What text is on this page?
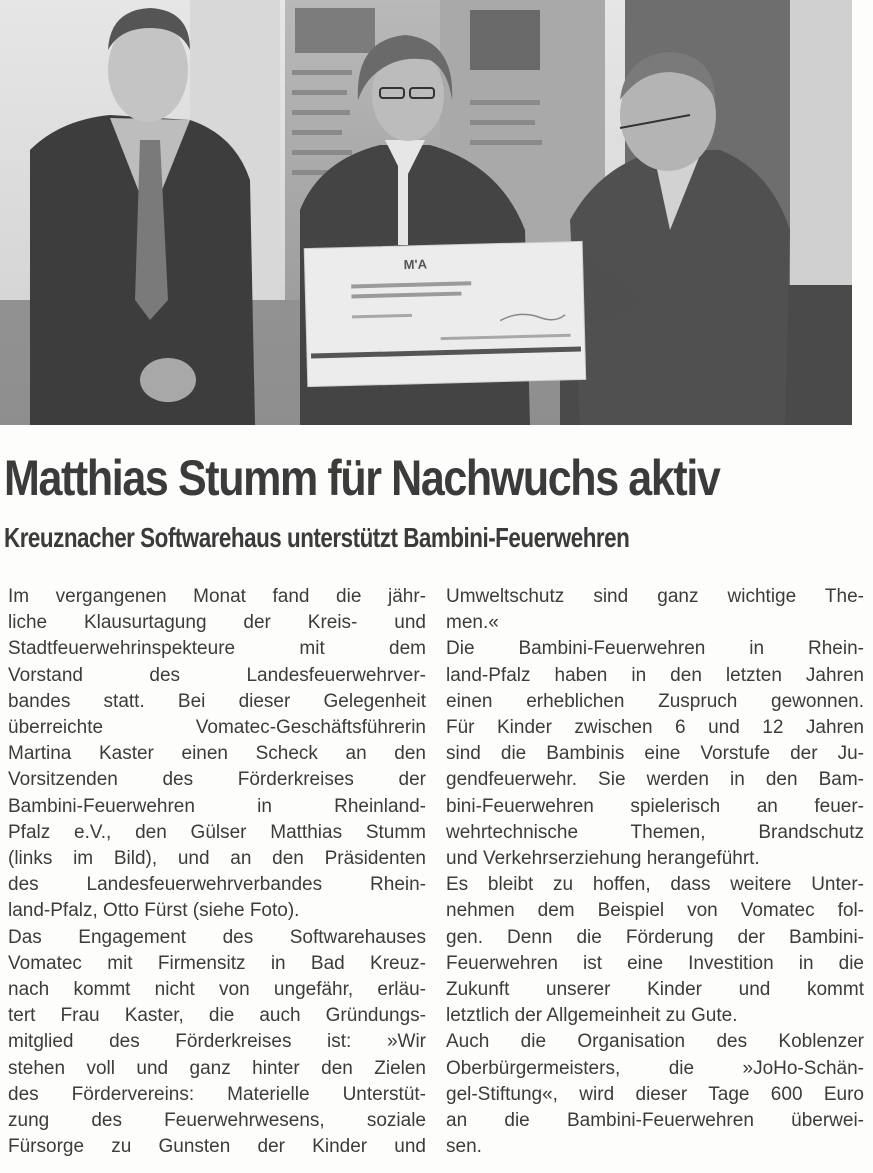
M'A
Matthias Stumm für Nachwuchs aktiv
Kreuznacher Softwarehaus unterstützt Bambini-Feuerwehren
Im vergangenen Monat fand die jähr-
liche Klausurtagung der Kreis- und
Stadtfeuerwehrinspekteure mit dem
Vorstand des Landesfeuerwehrver-
bandes statt. Bei dieser Gelegenheit
überreichte Vomatec-Geschäftsführerin
Martina Kaster einen Scheck an den
Vorsitzenden des Förderkreises der
Bambini-Feuerwehren in Rheinland-
Pfalz e.V., den Gülser Matthias Stumm
(links im Bild), und an den Präsidenten
des Landesfeuerwehrverbandes Rhein-
land-Pfalz, Otto Fürst (siehe Foto).
Das Engagement des Softwarehauses
Vomatec mit Firmensitz in Bad Kreuz-
nach kommt nicht von ungefähr, erläu-
tert Frau Kaster, die auch Gründungs-
mitglied des Förderkreises ist: »Wir
stehen voll und ganz hinter den Zielen
des Fördervereins: Materielle Unterstüt-
zung des Feuerwehrwesens, soziale
Fürsorge zu Gunsten der Kinder und
Umweltschutz sind ganz wichtige The-
men.«
Die Bambini-Feuerwehren in Rhein-
land-Pfalz haben in den letzten Jahren
einen erheblichen Zuspruch gewonnen.
Für Kinder zwischen 6 und 12 Jahren
sind die Bambinis eine Vorstufe der Ju-
gendfeuerwehr. Sie werden in den Bam-
bini-Feuerwehren spielerisch an feuer-
wehrtechnische Themen, Brandschutz
und Verkehrserziehung herangeführt.
Es bleibt zu hoffen, dass weitere Unter-
nehmen dem Beispiel von Vomatec fol-
gen. Denn die Förderung der Bambini-
Feuerwehren ist eine Investition in die
Zukunft unserer Kinder und kommt
letztlich der Allgemeinheit zu Gute.
Auch die Organisation des Koblenzer
Oberbürgermeisters, die »JoHo-Schän-
gel-Stiftung«, wird dieser Tage 600 Euro
an die Bambini-Feuerwehren überwei-
sen.
